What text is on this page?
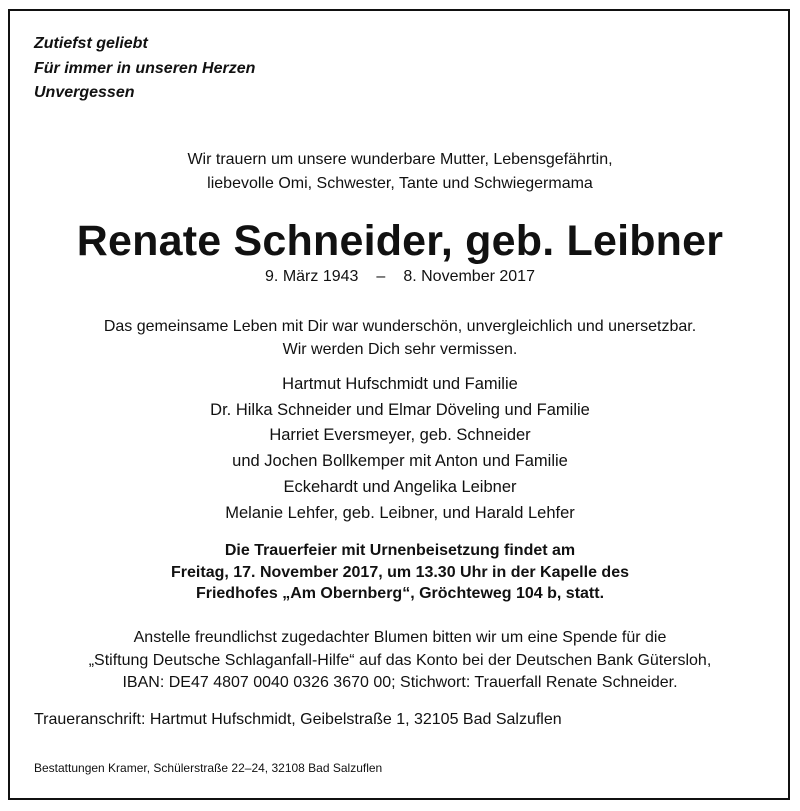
Zutiefst geliebt
Für immer in unseren Herzen
Unvergessen
Wir trauern um unsere wunderbare Mutter, Lebensgefährtin,
liebevolle Omi, Schwester, Tante und Schwiegermama
Renate Schneider, geb. Leibner
9. März 1943 – 8. November 2017
Das gemeinsame Leben mit Dir war wunderschön, unvergleichlich und unersetzbar.
Wir werden Dich sehr vermissen.
Hartmut Hufschmidt und Familie
Dr. Hilka Schneider und Elmar Döveling und Familie
Harriet Eversmeyer, geb. Schneider
und Jochen Bollkemper mit Anton und Familie
Eckehardt und Angelika Leibner
Melanie Lehfer, geb. Leibner, und Harald Lehfer
Die Trauerfeier mit Urnenbeisetzung findet am
Freitag, 17. November 2017, um 13.30 Uhr in der Kapelle des
Friedhofes „Am Obernberg“, Gröchteweg 104 b, statt.
Anstelle freundlichst zugedachter Blumen bitten wir um eine Spende für die
„Stiftung Deutsche Schlaganfall-Hilfe“ auf das Konto bei der Deutschen Bank Gütersloh,
IBAN: DE47 4807 0040 0326 3670 00; Stichwort: Trauerfall Renate Schneider.
Traueranschrift: Hartmut Hufschmidt, Geibelstraße 1, 32105 Bad Salzuflen
Bestattungen Kramer, Schülerstraße 22–24, 32108 Bad Salzuflen
